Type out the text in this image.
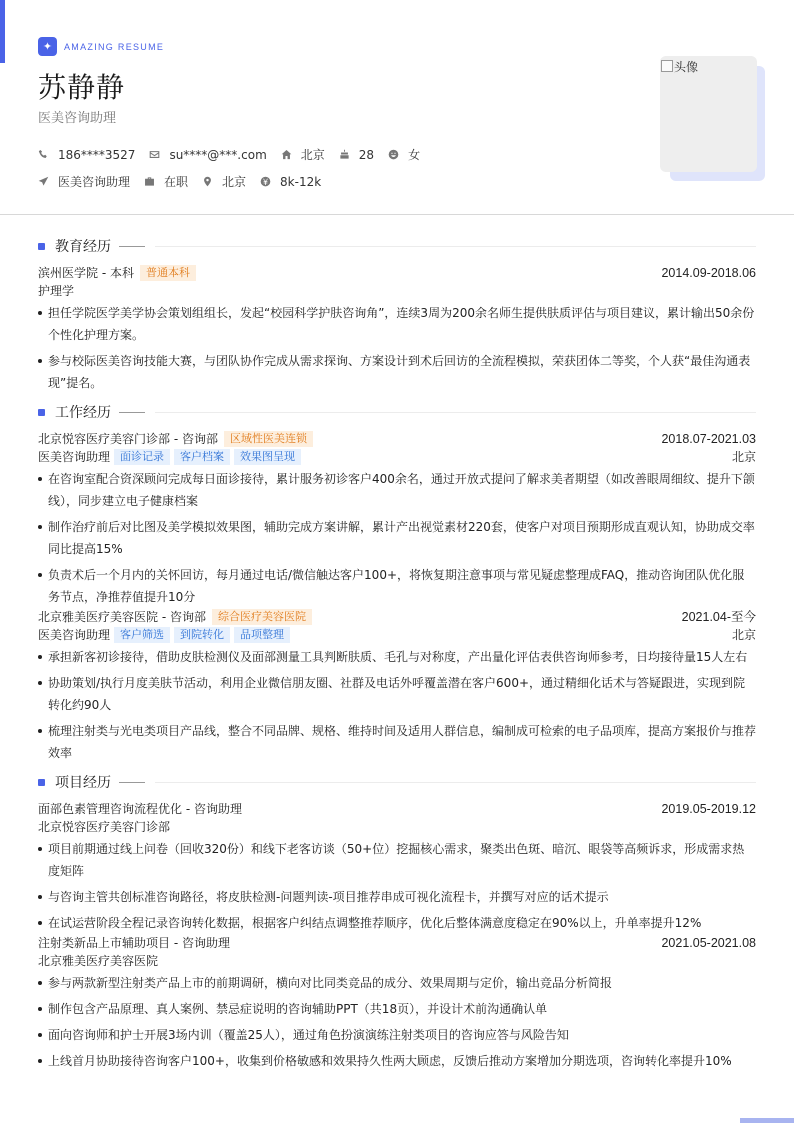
✦	AMAZING RESUME
苏静静
医美咨询助理
186****3527	su****@***.com	北京	28	女
医美咨询助理	在职	北京	8k-12k
头像
教育经历
滨州医学院 - 本科	普通本科	2014.09-2018.06
护理学
担任学院医学美学协会策划组组长，发起“校园科学护肤咨询角”，连续3周为200余名师生提供肤质评估与项目建议，累计输出50余份个性化护理方案。
参与校际医美咨询技能大赛，与团队协作完成从需求探询、方案设计到术后回访的全流程模拟，荣获团体二等奖，个人获“最佳沟通表现”提名。
工作经历
北京悦容医疗美容门诊部 - 咨询部	区域性医美连锁	2018.07-2021.03
医美咨询助理 面诊记录	客户档案	效果图呈现	北京
在咨询室配合资深顾问完成每日面诊接待，累计服务初诊客户400余名，通过开放式提问了解求美者期望（如改善眼周细纹、提升下颌线），同步建立电子健康档案
制作治疗前后对比图及美学模拟效果图，辅助完成方案讲解，累计产出视觉素材220套，使客户对项目预期形成直观认知，协助成交率同比提高15%
负责术后一个月内的关怀回访，每月通过电话/微信触达客户100+，将恢复期注意事项与常见疑虑整理成FAQ，推动咨询团队优化服务节点，净推荐值提升10分
北京雅美医疗美容医院 - 咨询部	综合医疗美容医院	2021.04-至今
医美咨询助理 客户筛选	到院转化	品项整理	北京
承担新客初诊接待，借助皮肤检测仪及面部测量工具判断肤质、毛孔与对称度，产出量化评估表供咨询师参考，日均接待量15人左右
协助策划/执行月度美肤节活动，利用企业微信朋友圈、社群及电话外呼覆盖潜在客户600+，通过精细化话术与答疑跟进，实现到院转化约90人
梳理注射类与光电类项目产品线，整合不同品牌、规格、维持时间及适用人群信息，编制成可检索的电子品项库，提高方案报价与推荐效率
项目经历
面部色素管理咨询流程优化 - 咨询助理	2019.05-2019.12
北京悦容医疗美容门诊部
项目前期通过线上问卷（回收320份）和线下老客访谈（50+位）挖掘核心需求，聚类出色斑、暗沉、眼袋等高频诉求，形成需求热度矩阵
与咨询主管共创标准咨询路径，将皮肤检测-问题判读-项目推荐串成可视化流程卡，并撰写对应的话术提示
在试运营阶段全程记录咨询转化数据，根据客户纠结点调整推荐顺序，优化后整体满意度稳定在90%以上，升单率提升12%
注射类新品上市辅助项目 - 咨询助理	2021.05-2021.08
北京雅美医疗美容医院
参与两款新型注射类产品上市的前期调研，横向对比同类竞品的成分、效果周期与定价，输出竞品分析简报
制作包含产品原理、真人案例、禁忌症说明的咨询辅助PPT（共18页），并设计术前沟通确认单
面向咨询师和护士开展3场内训（覆盖25人），通过角色扮演演练注射类项目的咨询应答与风险告知
上线首月协助接待咨询客户100+，收集到价格敏感和效果持久性两大顾虑，反馈后推动方案增加分期选项，咨询转化率提升10%
